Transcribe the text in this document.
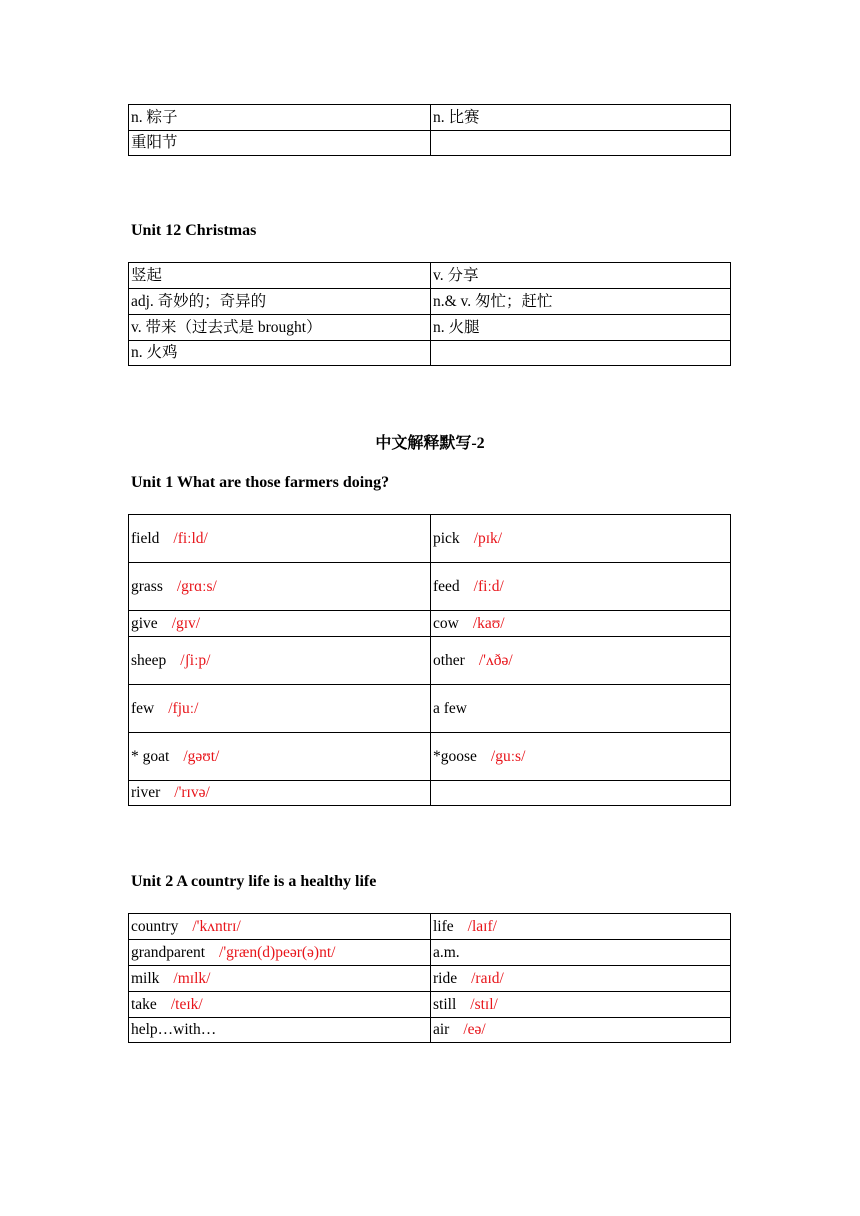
n. 粽子	n. 比赛
重阳节	

Unit 12 Christmas

竖起	v. 分享
adj. 奇妙的；奇异的	n.& v. 匆忙；赶忙
v. 带来（过去式是 brought）	n. 火腿
n. 火鸡	

中文解释默写-2

Unit 1 What are those farmers doing?

field /fiːld/	pick /pɪk/
grass /grɑːs/	feed /fiːd/
give /gɪv/	cow /kaʊ/
sheep /ʃiːp/	other /'ʌðə/
few /fjuː/	a few
* goat /gəʊt/	*goose /guːs/
river /'rɪvə/	

Unit 2 A country life is a healthy life

country /'kʌntrɪ/	life /laɪf/
grandparent /'græn(d)peər(ə)nt/	a.m.
milk /mɪlk/	ride /raɪd/
take /teɪk/	still /stɪl/
help…with…	air /eə/
